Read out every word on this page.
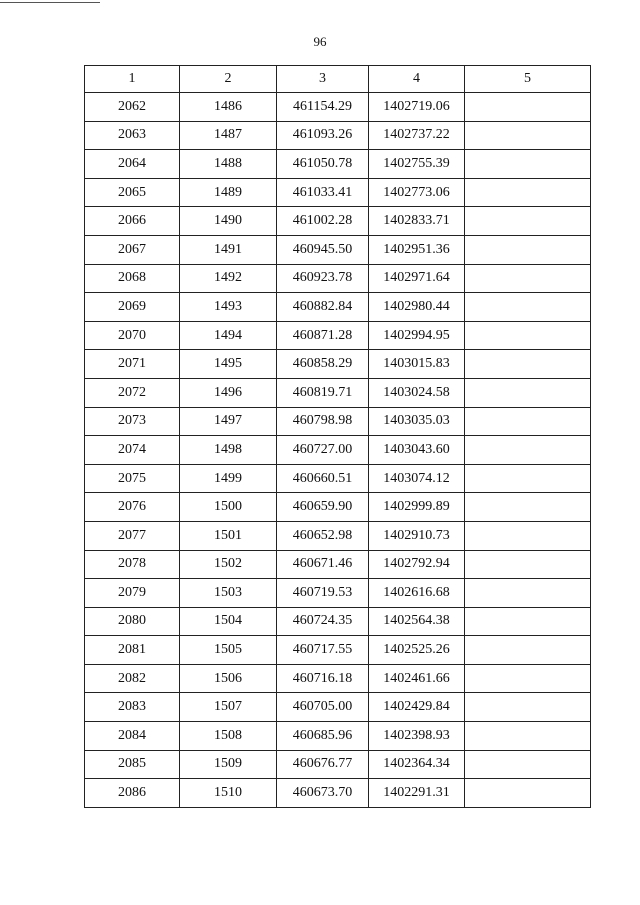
96
1	2	3	4	5
2062	1486	461154.29	1402719.06	
2063	1487	461093.26	1402737.22	
2064	1488	461050.78	1402755.39	
2065	1489	461033.41	1402773.06	
2066	1490	461002.28	1402833.71	
2067	1491	460945.50	1402951.36	
2068	1492	460923.78	1402971.64	
2069	1493	460882.84	1402980.44	
2070	1494	460871.28	1402994.95	
2071	1495	460858.29	1403015.83	
2072	1496	460819.71	1403024.58	
2073	1497	460798.98	1403035.03	
2074	1498	460727.00	1403043.60	
2075	1499	460660.51	1403074.12	
2076	1500	460659.90	1402999.89	
2077	1501	460652.98	1402910.73	
2078	1502	460671.46	1402792.94	
2079	1503	460719.53	1402616.68	
2080	1504	460724.35	1402564.38	
2081	1505	460717.55	1402525.26	
2082	1506	460716.18	1402461.66	
2083	1507	460705.00	1402429.84	
2084	1508	460685.96	1402398.93	
2085	1509	460676.77	1402364.34	
2086	1510	460673.70	1402291.31	
